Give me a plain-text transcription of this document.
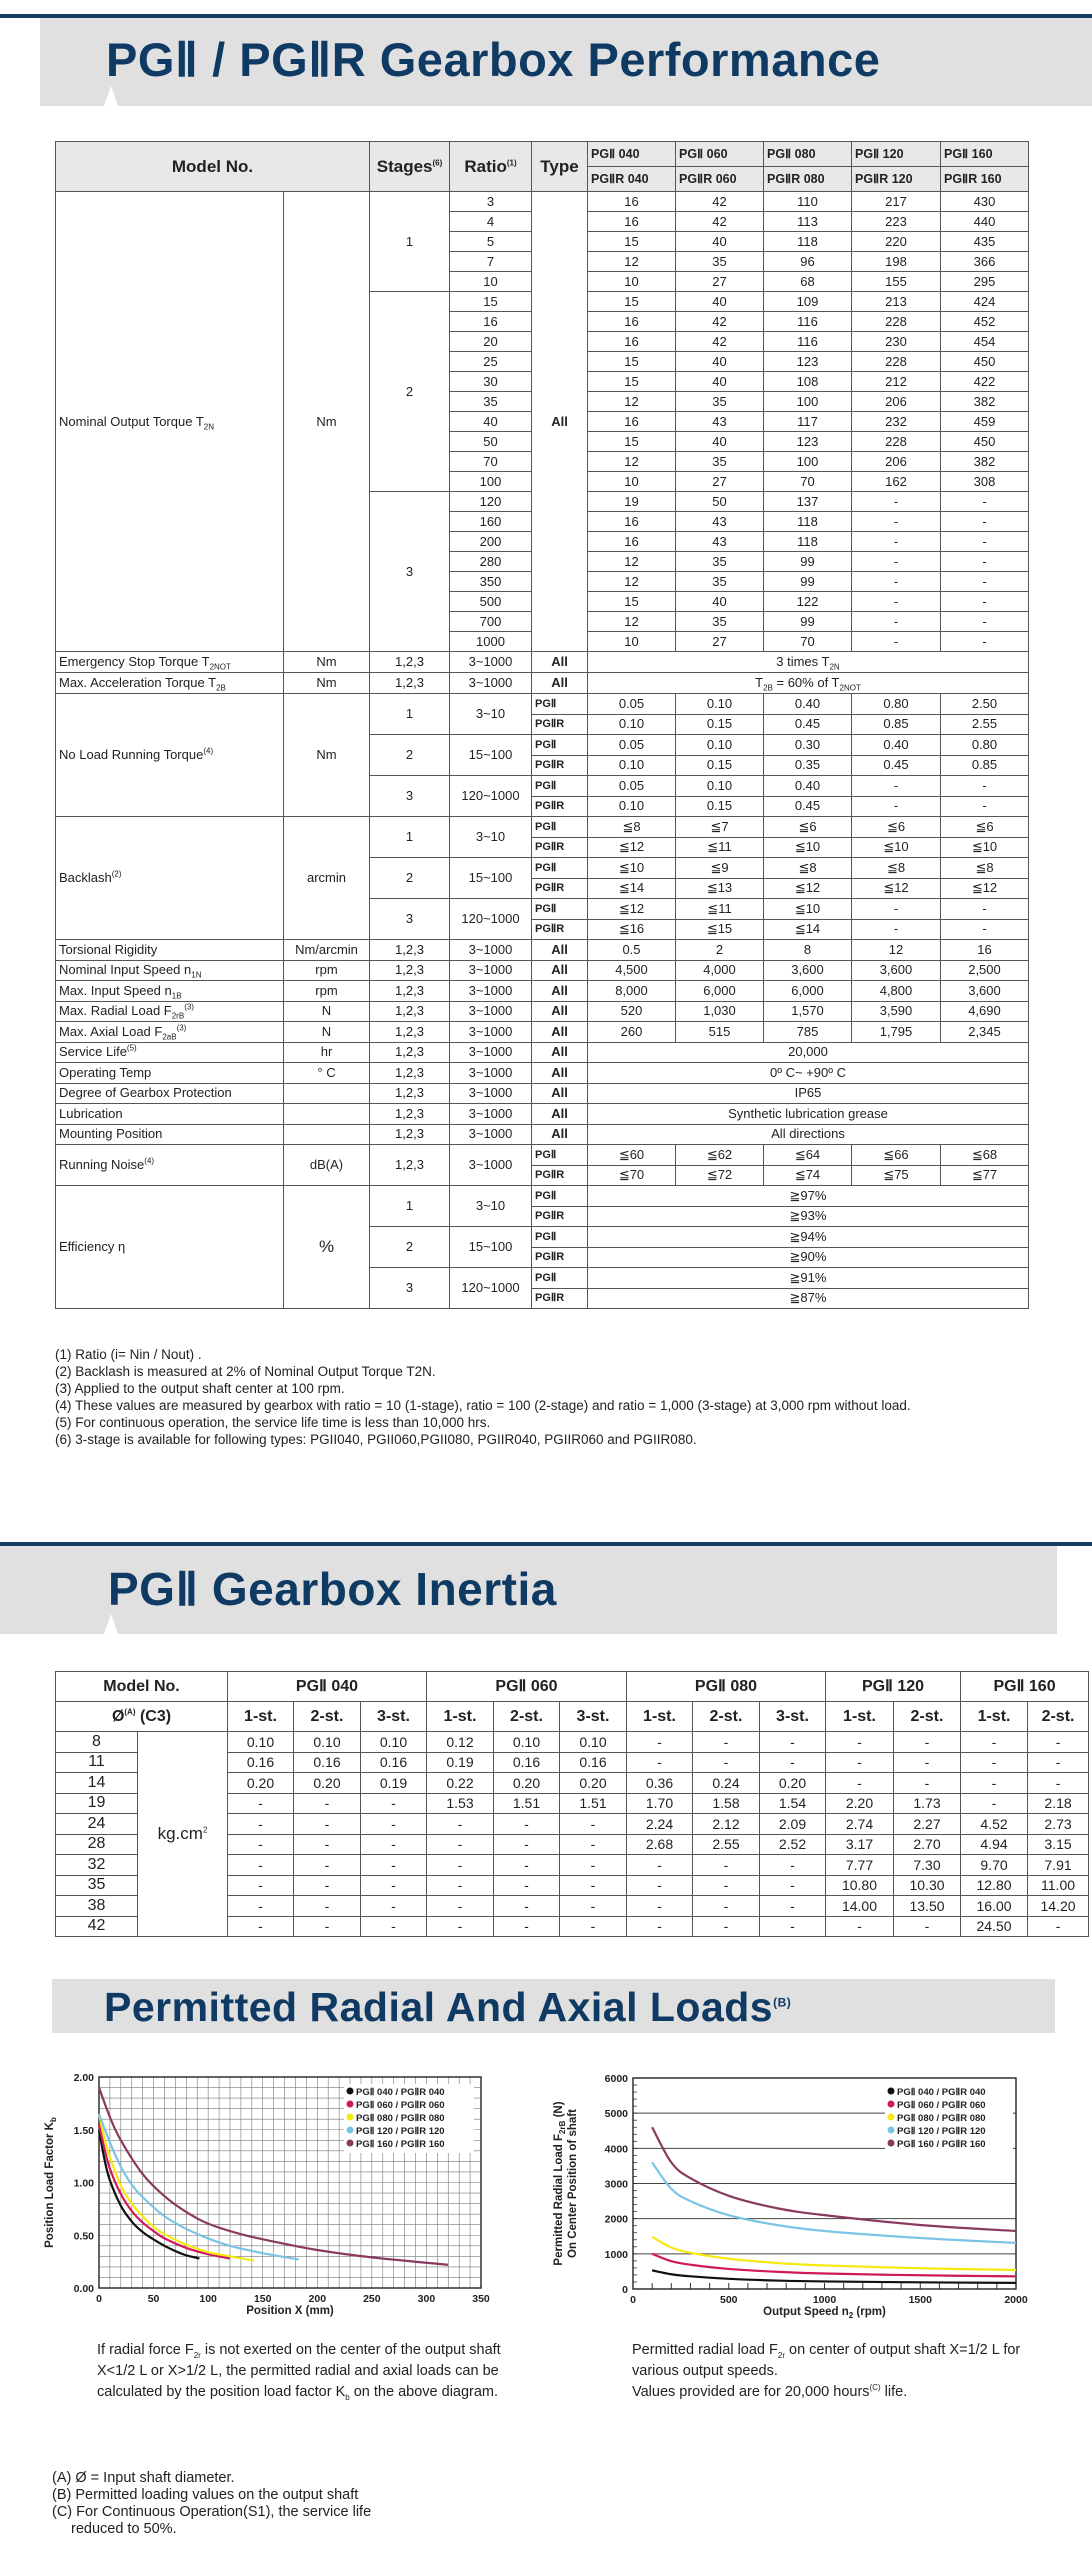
PGⅡ / PGⅡR Gearbox Performance
Model No.		Stages$^{(6)}$	Ratio$^{(1)}$	Type	PGⅡ 040	PGⅡ 060	PGⅡ 080	PGⅡ 120	PGⅡ 160
					PGⅡR 040	PGⅡR 060	PGⅡR 080	PGⅡR 120	PGⅡR 160
Nominal Output Torque $T_{2N}$	Nm	1	3	All	16	42	110	217	430
			4		16	42	113	223	440
			5		15	40	118	220	435
			7		12	35	96	198	366
			10		10	27	68	155	295
		2	15		15	40	109	213	424
			16		16	42	116	228	452
			20		16	42	116	230	454
			25		15	40	123	228	450
			30		15	40	108	212	422
			35		12	35	100	206	382
			40		16	43	117	232	459
			50		15	40	123	228	450
			70		12	35	100	206	382
			100		10	27	70	162	308
		3	120		19	50	137	-	-
			160		16	43	118	-	-
			200		16	43	118	-	-
			280		12	35	99	-	-
			350		12	35	99	-	-
			500		15	40	122	-	-
			700		12	35	99	-	-
			1000		10	27	70	-	-
Emergency Stop Torque $T_{2NOT}$	Nm	1,2,3	3~1000	All	3 times $T_{2N}$
Max. Acceleration Torque $T_{2B}$	Nm	1,2,3	3~1000	All	$T_{2B} = 60\%$ of $T_{2NOT}$
No Load Running Torque$^{(4)}$	Nm	1	3~10	PGⅡ	0.05	0.10	0.40	0.80	2.50
				PGⅡR	0.10	0.15	0.45	0.85	2.55
		2	15~100	PGⅡ	0.05	0.10	0.30	0.40	0.80
				PGⅡR	0.10	0.15	0.35	0.45	0.85
		3	120~1000	PGⅡ	0.05	0.10	0.40	-	-
				PGⅡR	0.10	0.15	0.45	-	-
Backlash$^{(2)}$	arcmin	1	3~10	PGⅡ	≦8	≦7	≦6	≦6	≦6
				PGⅡR	≦12	≦11	≦10	≦10	≦10
		2	15~100	PGⅡ	≦10	≦9	≦8	≦8	≦8
				PGⅡR	≦14	≦13	≦12	≦12	≦12
		3	120~1000	PGⅡ	≦12	≦11	≦10	-	-
				PGⅡR	≦16	≦15	≦14	-	-
Torsional Rigidity	Nm/arcmin	1,2,3	3~1000	All	0.5	2	8	12	16
Nominal Input Speed $n_{1N}$	rpm	1,2,3	3~1000	All	4,500	4,000	3,600	3,600	2,500
Max. Input Speed $n_{1B}$	rpm	1,2,3	3~1000	All	8,000	6,000	6,000	4,800	3,600
Max. Radial Load $F_{2rB}^{(3)}$	N	1,2,3	3~1000	All	520	1,030	1,570	3,590	4,690
Max. Axial Load $F_{2aB}^{(3)}$	N	1,2,3	3~1000	All	260	515	785	1,795	2,345
Service Life$^{(5)}$	hr	1,2,3	3~1000	All	20,000				
Operating Temp	° C	1,2,3	3~1000	All	0º C~ +90º C				
Degree of Gearbox Protection		1,2,3	3~1000	All	IP65				
Lubrication		1,2,3	3~1000	All	Synthetic lubrication grease				
Mounting Position		1,2,3	3~1000	All	All directions				
Running Noise$^{(4)}$	dB(A)	1,2,3	3~1000	PGⅡ	≦60	≦62	≦64	≦66	≦68
				PGⅡR	≦70	≦72	≦74	≦75	≦77
Efficiency η	%	1	3~10	PGⅡ	≧97%				
				PGⅡR	≧93%				
		2	15~100	PGⅡ	≧94%				
				PGⅡR	≧90%				
		3	120~1000	PGⅡ	≧91%				
				PGⅡR	≧87%				
(1) Ratio (i= Nin / Nout) .
(2) Backlash is measured at 2% of Nominal Output Torque T2N.
(3) Applied to the output shaft center at 100 rpm.
(4) These values are measured by gearbox with ratio = 10 (1-stage), ratio = 100 (2-stage) and ratio = 1,000 (3-stage) at 3,000 rpm without load.
(5) For continuous operation, the service life time is less than 10,000 hrs.
(6) 3-stage is available for following types: PGII040, PGII060,PGII080, PGIIR040, PGIIR060 and PGIIR080.
PGⅡ Gearbox Inertia
Model No.		PGⅡ 040			PGⅡ 060			PGⅡ 080			PGⅡ 120		PGⅡ 160	
$Ø^{(A)}$ (C3)		1-st.	2-st.	3-st.	1-st.	2-st.	3-st.	1-st.	2-st.	3-st.	1-st.	2-st.	1-st.	2-st.
8	$kg.cm^2$	0.10	0.10	0.10	0.12	0.10	0.10	-	-	-	-	-	-	-
11		0.16	0.16	0.16	0.19	0.16	0.16	-	-	-	-	-	-	-
14		0.20	0.20	0.19	0.22	0.20	0.20	0.36	0.24	0.20	-	-	-	-
19		-	-	-	1.53	1.51	1.51	1.70	1.58	1.54	2.20	1.73	-	2.18
24		-	-	-	-	-	-	2.24	2.12	2.09	2.74	2.27	4.52	2.73
28		-	-	-	-	-	-	2.68	2.55	2.52	3.17	2.70	4.94	3.15
32		-	-	-	-	-	-	-	-	-	7.77	7.30	9.70	7.91
35		-	-	-	-	-	-	-	-	-	10.80	10.30	12.80	11.00
38		-	-	-	-	-	-	-	-	-	14.00	13.50	16.00	14.20
42		-	-	-	-	-	-	-	-	-	-	-	24.50	-
Permitted Radial And Axial Loads$^{(B)}$
0	50	100	150	200	250	300	350
0.00
0.50
1.00
1.50
2.00
PGⅡ 040 / PGⅡR 040
PGⅡ 060 / PGⅡR 060
PGⅡ 080 / PGⅡR 080
PGⅡ 120 / PGⅡR 120
PGⅡ 160 / PGⅡR 160
Position X (mm)
Position Load Factor $K_b$
0	500	1000	1500	2000
0
1000
2000
3000
4000
5000
6000
PGⅡ 040 / PGⅡR 040
PGⅡ 060 / PGⅡR 060
PGⅡ 080 / PGⅡR 080
PGⅡ 120 / PGⅡR 120
PGⅡ 160 / PGⅡR 160
Output Speed $n_2$ (rpm)
Permitted Radial Load $F_{2rB}$ (N) On Center Position of shaft
If radial force $F_{2r}$ is not exerted on the center of the output shaft X<1/2 L or X>1/2 L, the permitted radial and axial loads can be calculated by the position load factor $K_b$ on the above diagram.
Permitted radial load $F_{2r}$ on center of output shaft X=1/2 L for various output speeds.
Values provided are for 20,000 hours$^{(C)}$ life.
(A) Ø = Input shaft diameter.
(B) Permitted loading values on the output shaft
(C) For Continuous Operation(S1), the service life
reduced to 50%.
